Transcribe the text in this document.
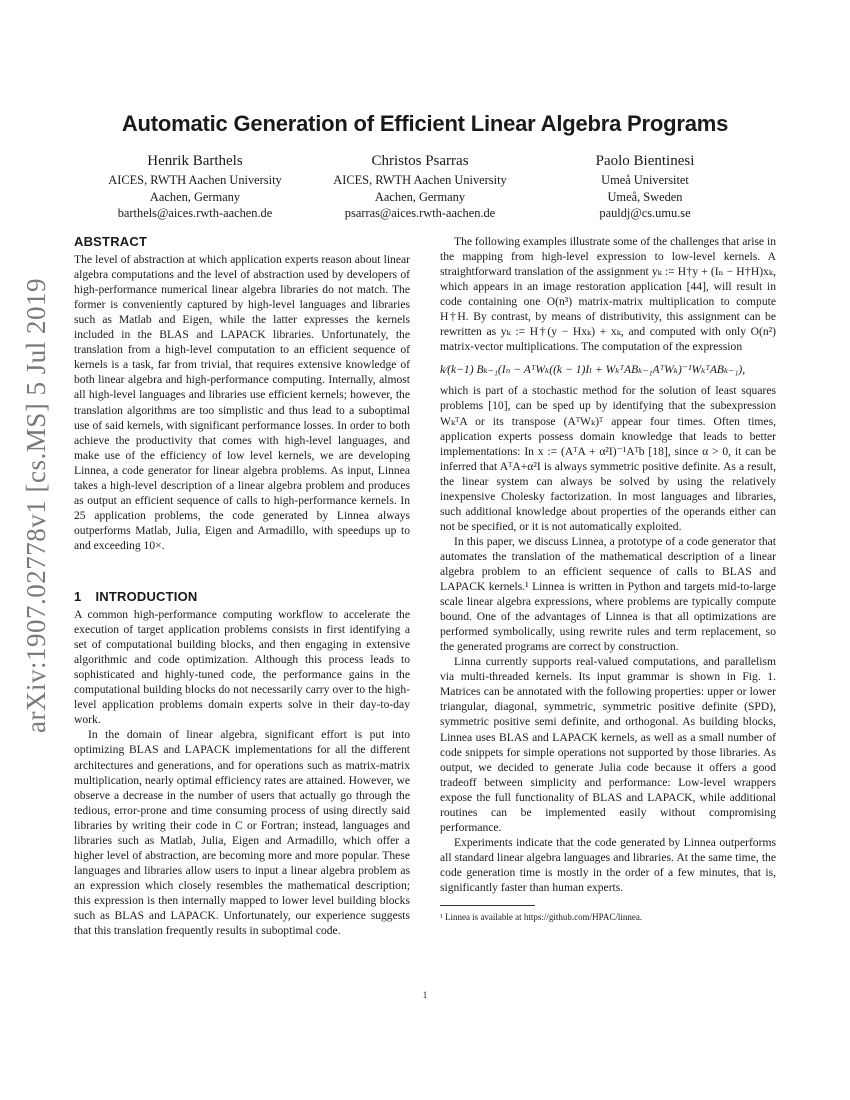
arXiv:1907.02778v1 [cs.MS] 5 Jul 2019
Automatic Generation of Efficient Linear Algebra Programs
Henrik Barthels
AICES, RWTH Aachen University
Aachen, Germany
barthels@aices.rwth-aachen.de
Christos Psarras
AICES, RWTH Aachen University
Aachen, Germany
psarras@aices.rwth-aachen.de
Paolo Bientinesi
Umeå Universitet
Umeå, Sweden
pauldj@cs.umu.se
ABSTRACT

The level of abstraction at which application experts reason about linear algebra computations and the level of abstraction used by developers of high-performance numerical linear algebra libraries do not match. The former is conveniently captured by high-level languages and libraries such as Matlab and Eigen, while the latter expresses the kernels included in the BLAS and LAPACK libraries. Unfortunately, the translation from a high-level computation to an efficient sequence of kernels is a task, far from trivial, that requires extensive knowledge of both linear algebra and high-performance computing. Internally, almost all high-level languages and libraries use efficient kernels; however, the translation algorithms are too simplistic and thus lead to a suboptimal use of said kernels, with significant performance losses. In order to both achieve the productivity that comes with high-level languages, and make use of the efficiency of low level kernels, we are developing Linnea, a code generator for linear algebra problems. As input, Linnea takes a high-level description of a linear algebra problem and produces as output an efficient sequence of calls to high-performance kernels. In 25 application problems, the code generated by Linnea always outperforms Matlab, Julia, Eigen and Armadillo, with speedups up to and exceeding 10×.

1 INTRODUCTION

A common high-performance computing workflow to accelerate the execution of target application problems consists in first identifying a set of computational building blocks, and then engaging in extensive algorithmic and code optimization. Although this process leads to sophisticated and highly-tuned code, the performance gains in the computational building blocks do not necessarily carry over to the high-level application problems domain experts solve in their day-to-day work.

In the domain of linear algebra, significant effort is put into optimizing BLAS and LAPACK implementations for all the different architectures and generations, and for operations such as matrix-matrix multiplication, nearly optimal efficiency rates are attained. However, we observe a decrease in the number of users that actually go through the tedious, error-prone and time consuming process of using directly said libraries by writing their code in C or Fortran; instead, languages and libraries such as Matlab, Julia, Eigen and Armadillo, which offer a higher level of abstraction, are becoming more and more popular. These languages and libraries allow users to input a linear algebra problem as an expression which closely resembles the mathematical description; this expression is then internally mapped to lower level building blocks such as BLAS and LAPACK. Unfortunately, our experience suggests that this translation frequently results in suboptimal code.

The following examples illustrate some of the challenges that arise in the mapping from high-level expression to low-level kernels. A straightforward translation of the assignment yₖ := H†y + (Iₙ − H†H)xₖ, which appears in an image restoration application [44], will result in code containing one O(n³) matrix-matrix multiplication to compute H†H. By contrast, by means of distributivity, this assignment can be rewritten as yₖ := H†(y − Hxₖ) + xₖ, and computed with only O(n²) matrix-vector multiplications. The computation of the expression

k⁄(k−1) Bₖ₋₁(Iₙ − AᵀWₖ((k − 1)Iₗ + WₖᵀABₖ₋₁AᵀWₖ)⁻¹WₖᵀABₖ₋₁),

which is part of a stochastic method for the solution of least squares problems [10], can be sped up by identifying that the subexpression WₖᵀA or its transpose (AᵀWₖ)ᵀ appear four times. Often times, application experts possess domain knowledge that leads to better implementations: In x := (AᵀA + α²I)⁻¹Aᵀb [18], since α > 0, it can be inferred that AᵀA+α²I is always symmetric positive definite. As a result, the linear system can always be solved by using the relatively inexpensive Cholesky factorization. In most languages and libraries, such additional knowledge about properties of the operands either can not be specified, or it is not automatically exploited.

In this paper, we discuss Linnea, a prototype of a code generator that automates the translation of the mathematical description of a linear algebra problem to an efficient sequence of calls to BLAS and LAPACK kernels.¹ Linnea is written in Python and targets mid-to-large scale linear algebra expressions, where problems are typically compute bound. One of the advantages of Linnea is that all optimizations are performed symbolically, using rewrite rules and term replacement, so the generated programs are correct by construction.

Linna currently supports real-valued computations, and parallelism via multi-threaded kernels. Its input grammar is shown in Fig. 1. Matrices can be annotated with the following properties: upper or lower triangular, diagonal, symmetric, symmetric positive definite (SPD), symmetric positive semi definite, and orthogonal. As building blocks, Linnea uses BLAS and LAPACK kernels, as well as a small number of code snippets for simple operations not supported by those libraries. As output, we decided to generate Julia code because it offers a good tradeoff between simplicity and performance: Low-level wrappers expose the full functionality of BLAS and LAPACK, while additional routines can be implemented easily without compromising performance.

Experiments indicate that the code generated by Linnea outperforms all standard linear algebra languages and libraries. At the same time, the code generation time is mostly in the order of a few minutes, that is, significantly faster than human experts.

¹ Linnea is available at https://github.com/HPAC/linnea.
1
